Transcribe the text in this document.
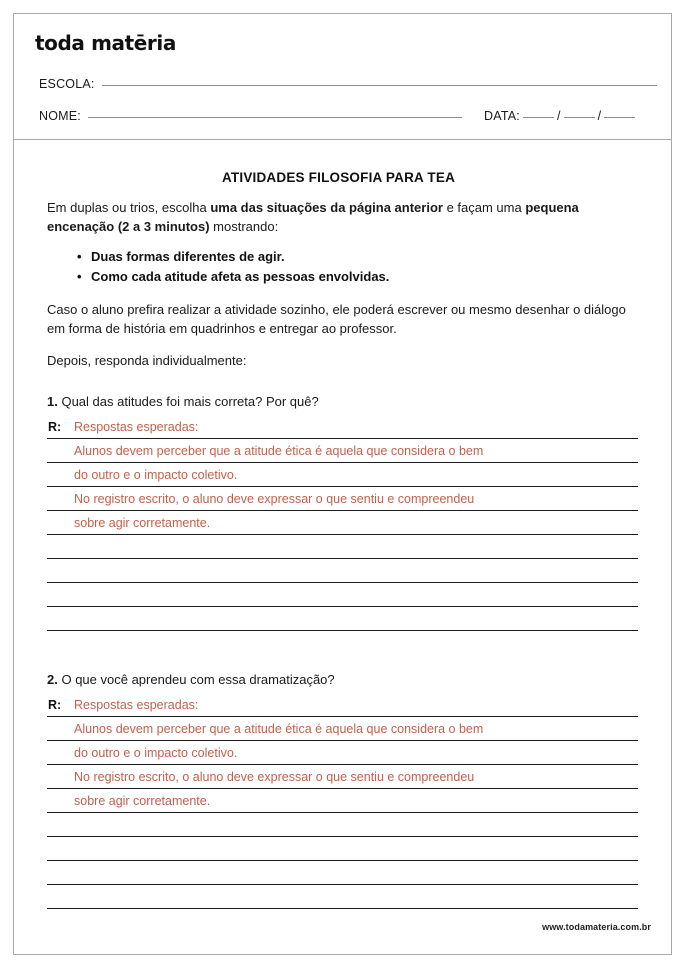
toda matēria
ESCOLA:
NOME:	DATA:	/	/
ATIVIDADES FILOSOFIA PARA TEA

Em duplas ou trios, escolha uma das situações da página anterior e façam uma pequena encenação (2 a 3 minutos) mostrando:

• Duas formas diferentes de agir.
• Como cada atitude afeta as pessoas envolvidas.

Caso o aluno prefira realizar a atividade sozinho, ele poderá escrever ou mesmo desenhar o diálogo em forma de história em quadrinhos e entregar ao professor.

Depois, responda individualmente:

1. Qual das atitudes foi mais correta? Por quê?

R: Respostas esperadas:
Alunos devem perceber que a atitude ética é aquela que considera o bem
do outro e o impacto coletivo.
No registro escrito, o aluno deve expressar o que sentiu e compreendeu
sobre agir corretamente.

2. O que você aprendeu com essa dramatização?

R: Respostas esperadas:
Alunos devem perceber que a atitude ética é aquela que considera o bem
do outro e o impacto coletivo.
No registro escrito, o aluno deve expressar o que sentiu e compreendeu
sobre agir corretamente.
www.todamateria.com.br
